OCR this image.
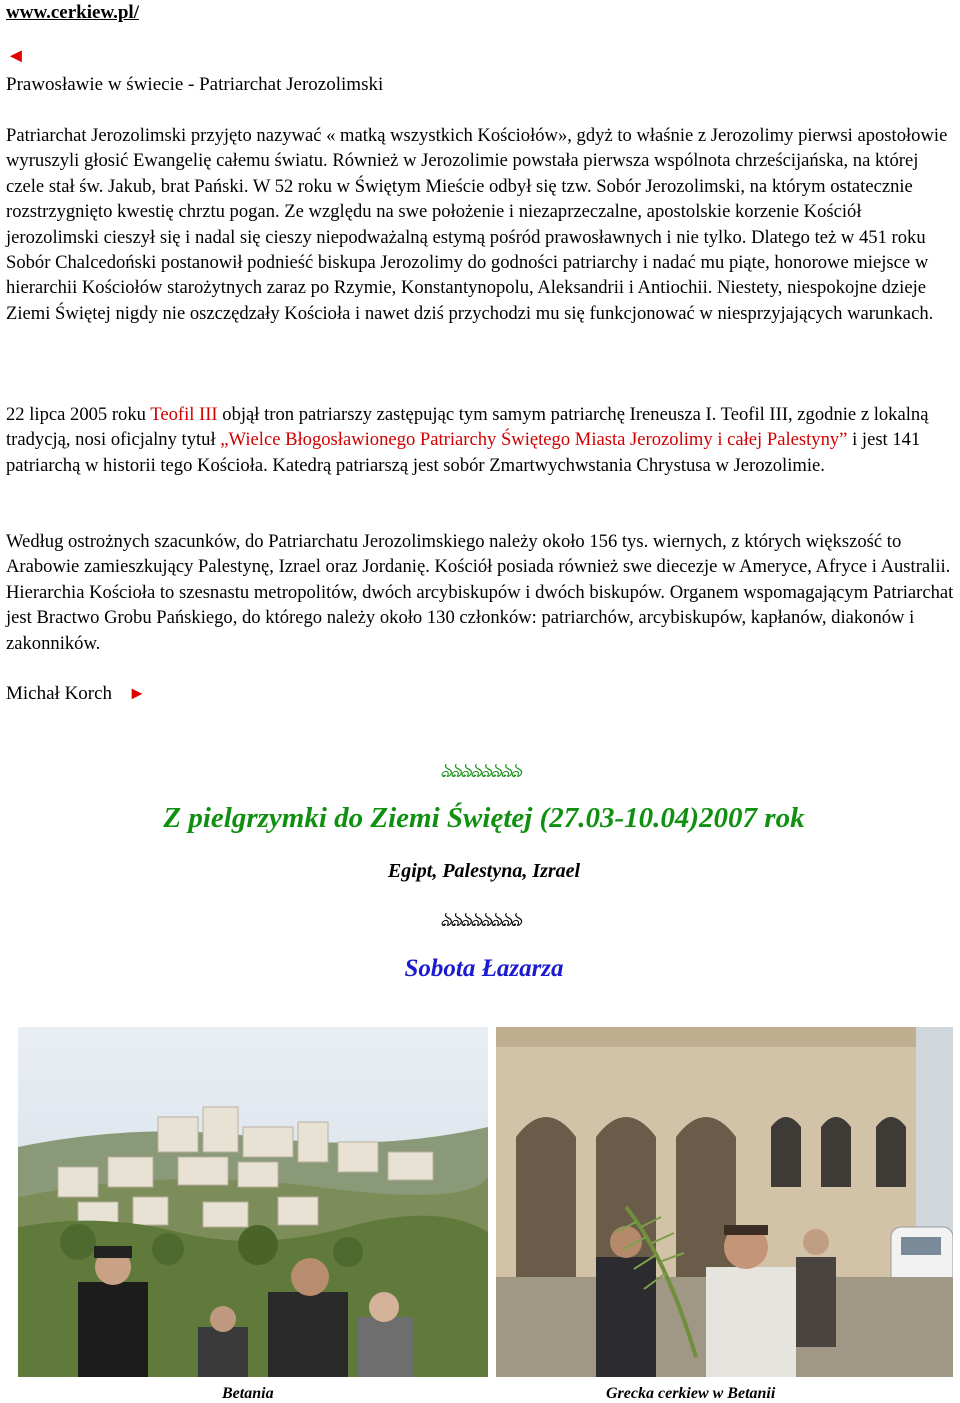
www.cerkiew.pl/
◄
Prawosławie w świecie - Patriarchat Jerozolimski
Patriarchat Jerozolimski przyjęto nazywać « matką wszystkich Kościołów», gdyż to właśnie z Jerozolimy pierwsi apostołowie wyruszyli głosić Ewangelię całemu światu. Również w Jerozolimie powstała pierwsza wspólnota chrześcijańska, na której czele stał św. Jakub, brat Pański. W 52 roku w Świętym Mieście odbył się tzw. Sobór Jerozolimski, na którym ostatecznie rozstrzygnięto kwestię chrztu pogan. Ze względu na swe położenie i niezaprzeczalne, apostolskie korzenie Kościół jerozolimski cieszył się i nadal się cieszy niepodważalną estymą pośród prawosławnych i nie tylko. Dlatego też w 451 roku Sobór Chalcedoński postanowił podnieść biskupa Jerozolimy do godności patriarchy i nadać mu piąte, honorowe miejsce w hierarchii Kościołów starożytnych zaraz po Rzymie, Konstantynopolu, Aleksandrii i Antiochii. Niestety, niespokojne dzieje Ziemi Świętej nigdy nie oszczędzały Kościoła i nawet dziś przychodzi mu się funkcjonować w niesprzyjających warunkach.
22 lipca 2005 roku Teofil III objął tron patriarszy zastępując tym samym patriarchę Ireneusza I. Teofil III, zgodnie z lokalną tradycją, nosi oficjalny tytuł „Wielce Błogosławionego Patriarchy Świętego Miasta Jerozolimy i całej Palestyny” i jest 141 patriarchą w historii tego Kościoła. Katedrą patriarszą jest sobór Zmartwychwstania Chrystusa w Jerozolimie.
Według ostrożnych szacunków, do Patriarchatu Jerozolimskiego należy około 156 tys. wiernych, z których większość to Arabowie zamieszkujący Palestynę, Izrael oraz Jordanię. Kościół posiada również swe diecezje w Ameryce, Afryce i Australii. Hierarchia Kościoła to szesnastu metropolitów, dwóch arcybiskupów i dwóch biskupów. Organem wspomagającym Patriarchat jest Bractwo Grobu Pańskiego, do którego należy około 130 członków: patriarchów, arcybiskupów, kapłanów, diakonów i zakonników.
Michał Korch ►
ঌঌঌঌঌঌঌঌ
Z pielgrzymki do Ziemi Świętej (27.03-10.04)2007 rok
Egipt, Palestyna, Izrael
ঌঌঌঌঌঌঌঌ
Sobota Łazarza
Betania	Grecka cerkiew w Betanii
